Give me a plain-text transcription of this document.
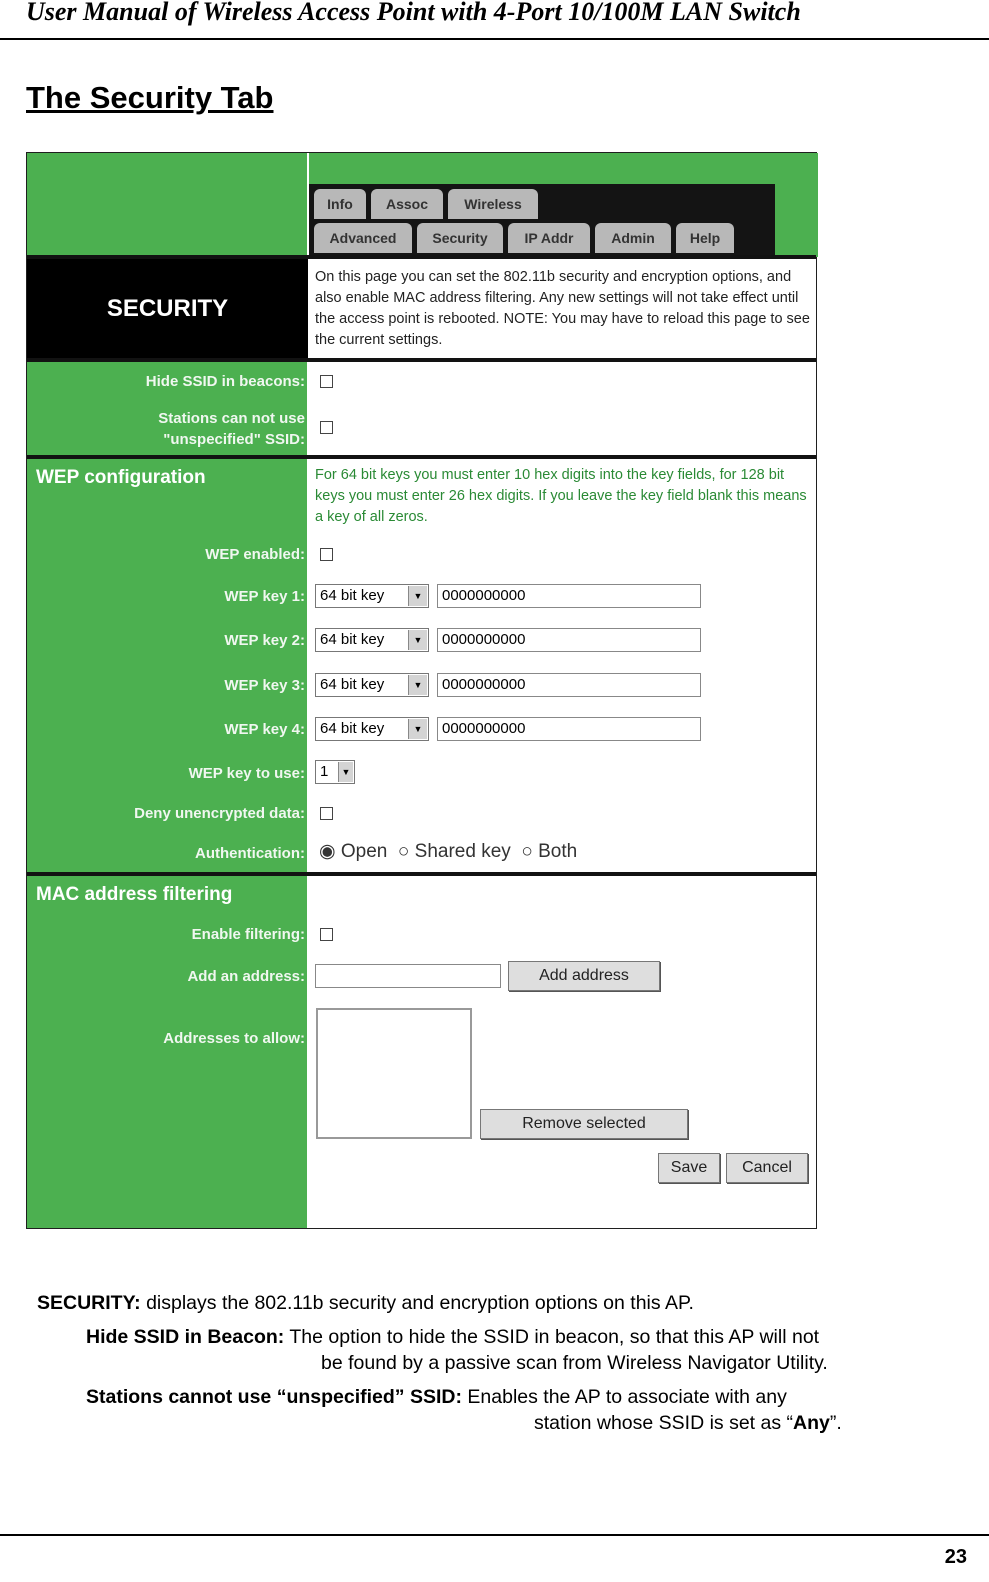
User Manual of Wireless Access Point with 4-Port 10/100M LAN Switch
The Security Tab
Info	Assoc	Wireless
Advanced	Security	IP Addr	Admin	Help
SECURITY
On this page you can set the 802.11b security and encryption options, and also enable MAC address filtering. Any new settings will not take effect until the access point is rebooted. NOTE: You may have to reload this page to see the current settings.
Hide SSID in beacons:
Stations can not use
"unspecified" SSID:
WEP configuration	For 64 bit keys you must enter 10 hex digits into the key fields, for 128 bit keys you must enter 26 hex digits. If you leave the key field blank this means a key of all zeros.
WEP enabled:
WEP key 1:	64 bit key	▼	0000000000
WEP key 2:	64 bit key	▼	0000000000
WEP key 3:	64 bit key	▼	0000000000
WEP key 4:	64 bit key	▼	0000000000
WEP key to use:	1	▼
Deny unencrypted data:
Authentication: ◉ Open ○ Shared key ○ Both
MAC address filtering
Enable filtering:
Add an address:	Add address
Addresses to allow:
Remove selected
Save	Cancel
SECURITY: displays the 802.11b security and encryption options on this AP.
Hide SSID in Beacon: The option to hide the SSID in beacon, so that this AP will not
be found by a passive scan from Wireless Navigator Utility.
Stations cannot use “unspecified” SSID: Enables the AP to associate with any
station whose SSID is set as “Any”.
23
